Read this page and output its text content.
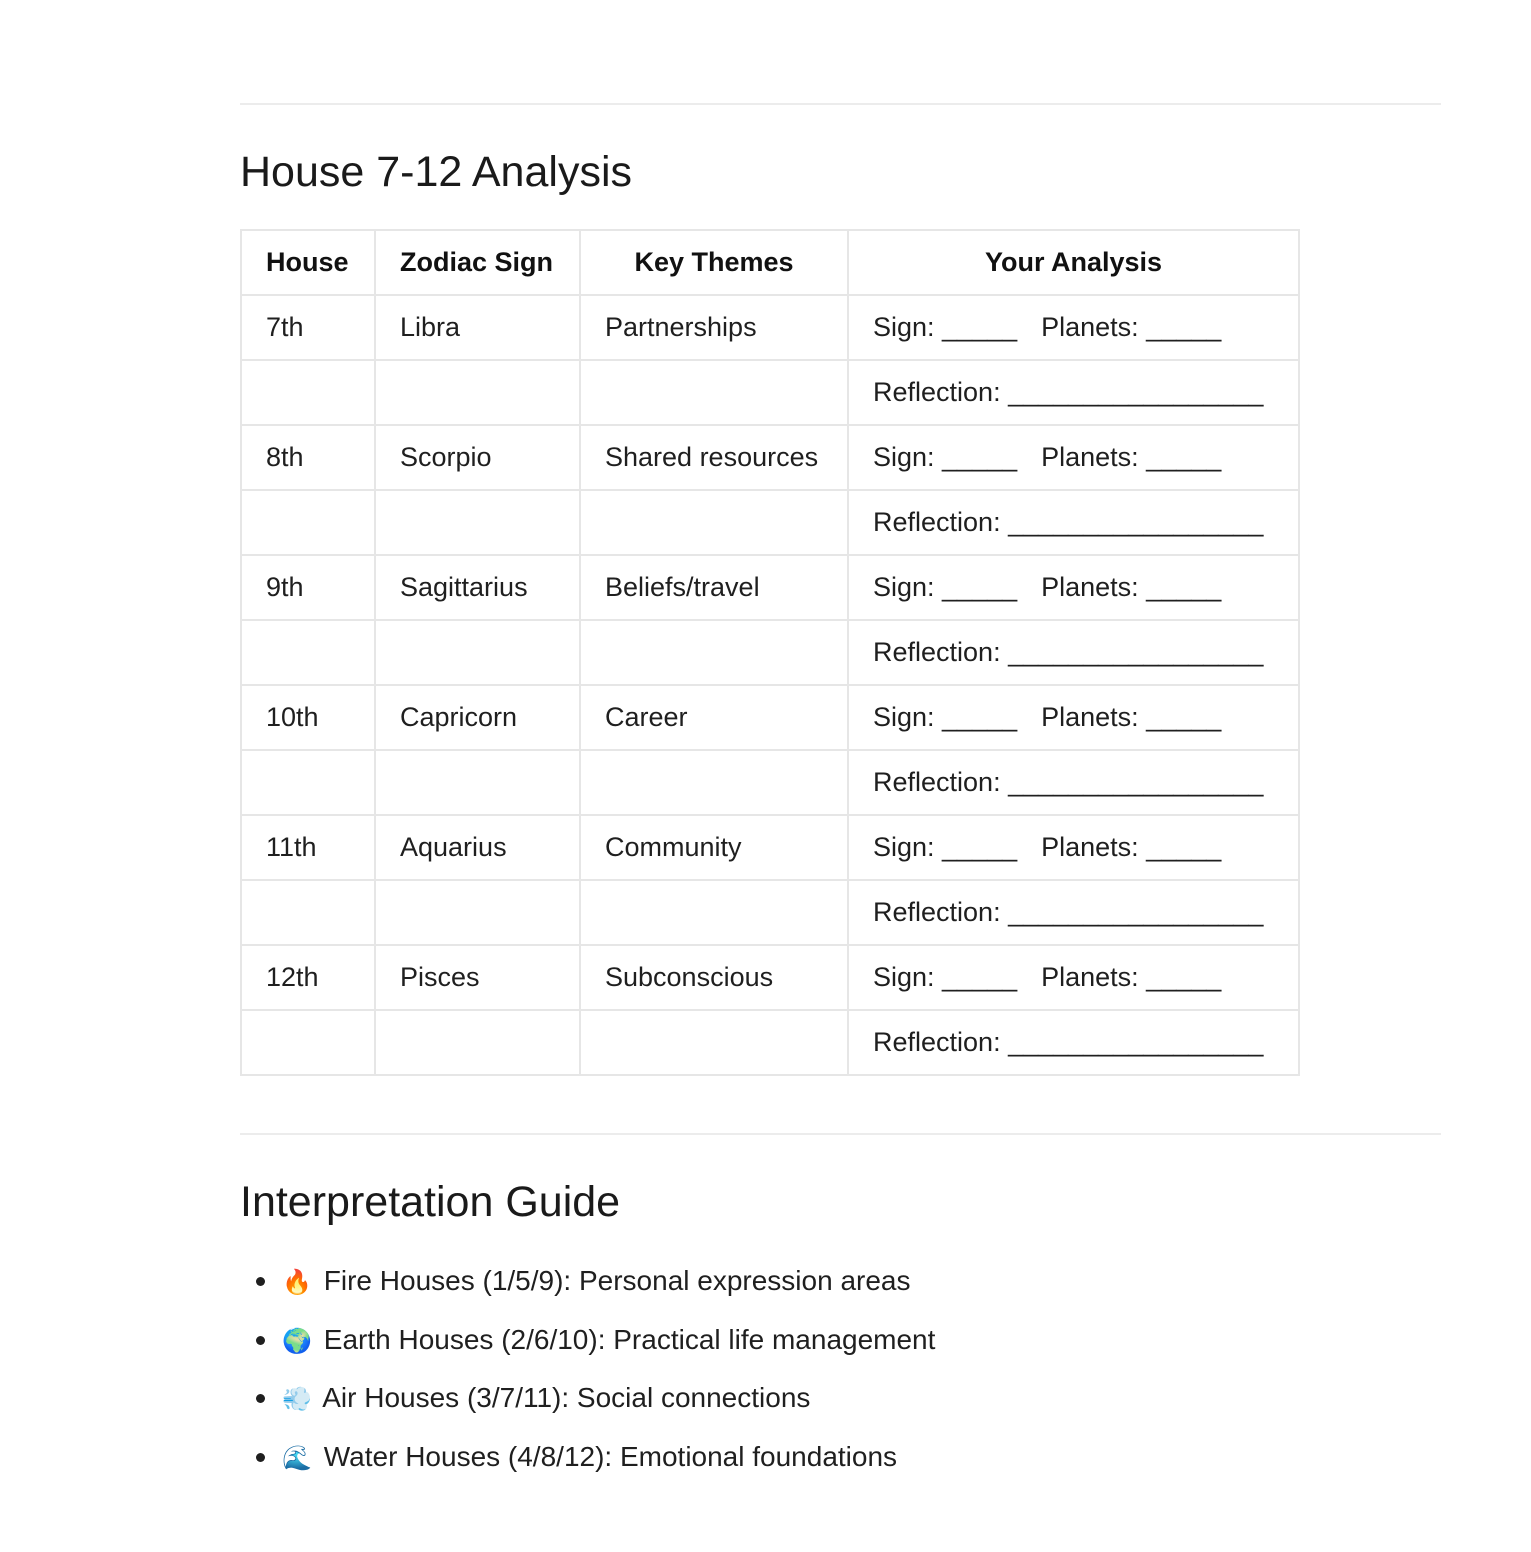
House 7-12 Analysis
House	Zodiac Sign	Key Themes	Your Analysis
7th	Libra	Partnerships	Sign: _____ Planets: _____
			Reflection: _________________
8th	Scorpio	Shared resources	Sign: _____ Planets: _____
			Reflection: _________________
9th	Sagittarius	Beliefs/travel	Sign: _____ Planets: _____
			Reflection: _________________
10th	Capricorn	Career	Sign: _____ Planets: _____
			Reflection: _________________
11th	Aquarius	Community	Sign: _____ Planets: _____
			Reflection: _________________
12th	Pisces	Subconscious	Sign: _____ Planets: _____
			Reflection: _________________
Interpretation Guide
🔥 Fire Houses (1/5/9): Personal expression areas
🌍 Earth Houses (2/6/10): Practical life management
💨 Air Houses (3/7/11): Social connections
🌊 Water Houses (4/8/12): Emotional foundations
